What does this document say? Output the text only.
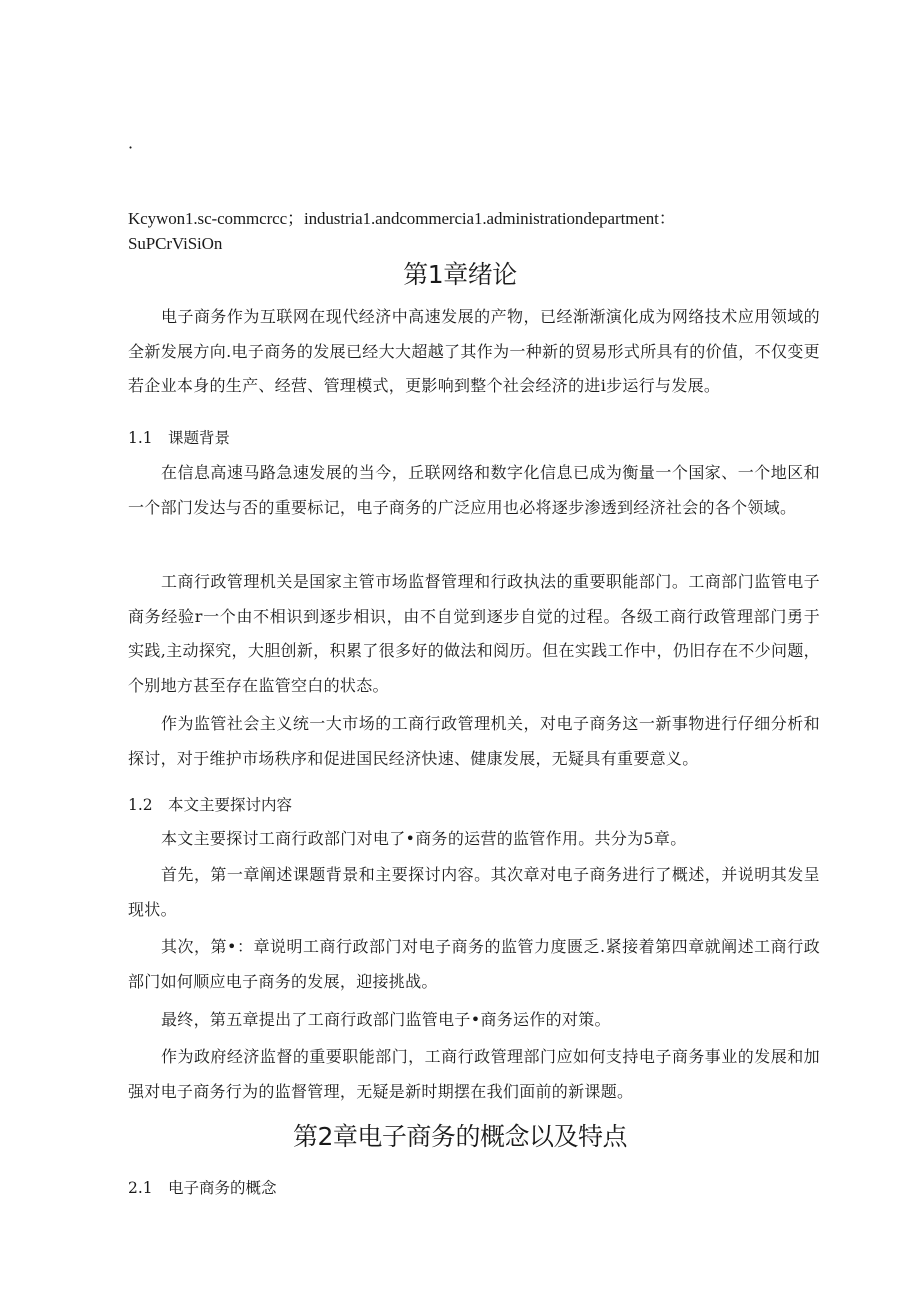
·
Kcywon1.sc-commcrcc；industria1.andcommercia1.administrationdepartment：
SuPCrViSiOn
第1章绪论

电子商务作为互联网在现代经济中高速发展的产物，已经渐渐演化成为网络技术应用领域的全新发展方向.电子商务的发展已经大大超越了其作为一种新的贸易形式所具有的价值，不仅变更若企业本身的生产、经营、管理模式，更影响到整个社会经济的进i步运行与发展。

1.1 课题背景

在信息高速马路急速发展的当今，丘联网络和数字化信息已成为衡量一个国家、一个地区和一个部门发达与否的重要标记，电子商务的广泛应用也必将逐步渗透到经济社会的各个领域。

工商行政管理机关是国家主管市场监督管理和行政执法的重要职能部门。工商部门监管电子商务经验r一个由不相识到逐步相识，由不自觉到逐步自觉的过程。各级工商行政管理部门勇于实践,主动探究，大胆创新，积累了很多好的做法和阅历。但在实践工作中，仍旧存在不少问题，个别地方甚至存在监管空白的状态。

作为监管社会主义统一大市场的工商行政管理机关，对电子商务这一新事物进行仔细分析和探讨，对于维护市场秩序和促进国民经济快速、健康发展，无疑具有重要意义。

1.2 本文主要探讨内容

本文主要探讨工商行政部门对电了•商务的运营的监管作用。共分为5章。

首先，第一章阐述课题背景和主要探讨内容。其次章对电子商务进行了概述，并说明其发呈现状。

其次，第•：章说明工商行政部门对电子商务的监管力度匮乏.紧接着第四章就阐述工商行政部门如何顺应电子商务的发展，迎接挑战。

最终，第五章提出了工商行政部门监管电子•商务运作的对策。

作为政府经济监督的重要职能部门，工商行政管理部门应如何支持电子商务事业的发展和加强对电子商务行为的监督管理，无疑是新时期摆在我们面前的新课题。

第2章电子商务的概念以及特点
2.1 电子商务的概念
